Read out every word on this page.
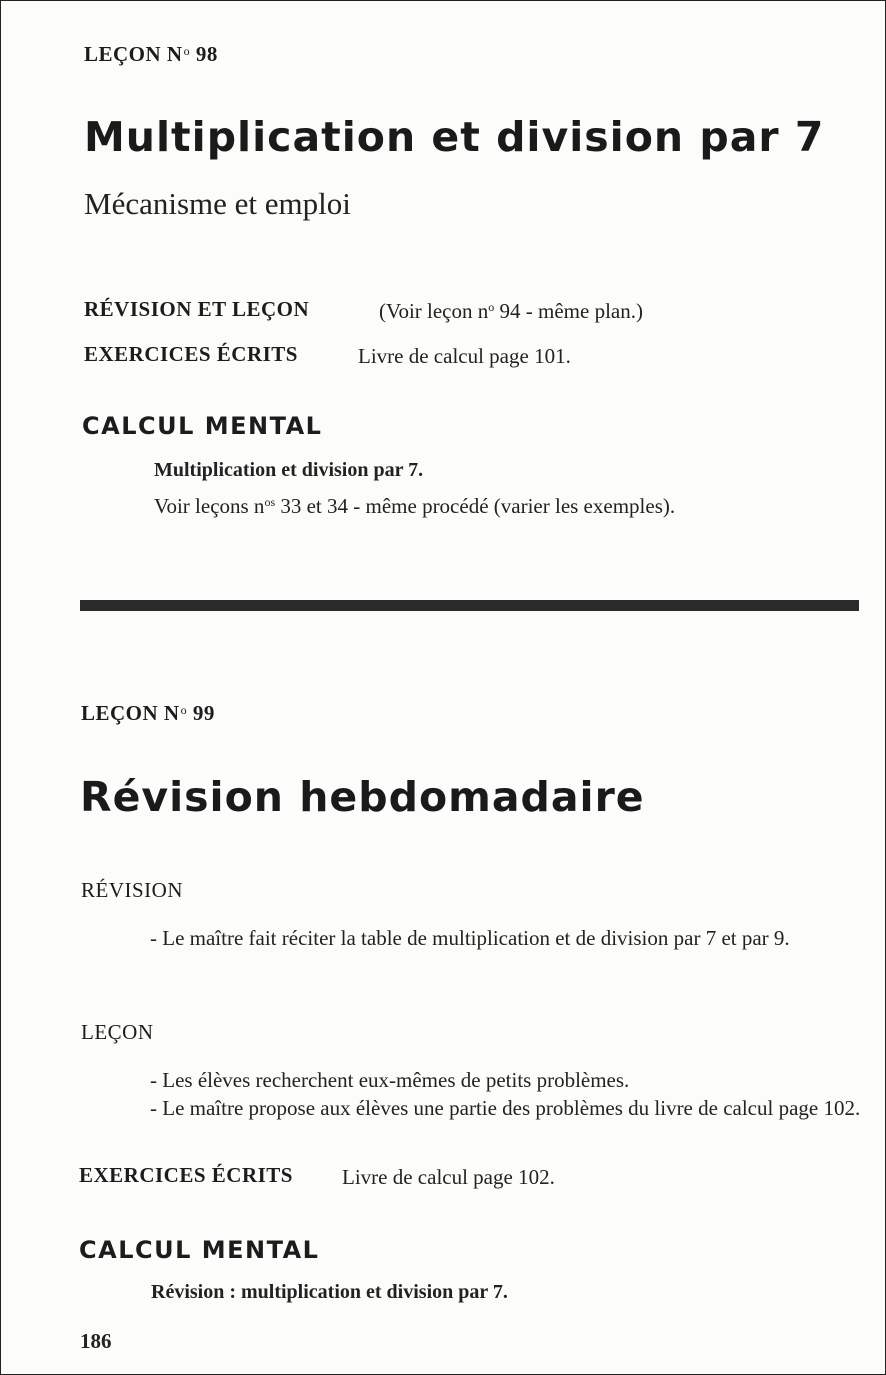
LEÇON $N^o$ 98
Multiplication et division par 7
Mécanisme et emploi
RÉVISION ET LEÇON	(Voir leçon $n^o$ 94 - même plan.)
EXERCICES ÉCRITS	Livre de calcul page 101.
CALCUL MENTAL
Multiplication et division par 7.
Voir leçons $n^{os}$ 33 et 34 - même procédé (varier les exemples).
LEÇON $N^o$ 99
Révision hebdomadaire
RÉVISION
- Le maître fait réciter la table de multiplication et de division par 7 et par 9.
LEÇON
- Les élèves recherchent eux-mêmes de petits problèmes.
- Le maître propose aux élèves une partie des problèmes du livre de calcul page 102.
EXERCICES ÉCRITS Livre de calcul page 102.
CALCUL MENTAL
Révision : multiplication et division par 7.
186
